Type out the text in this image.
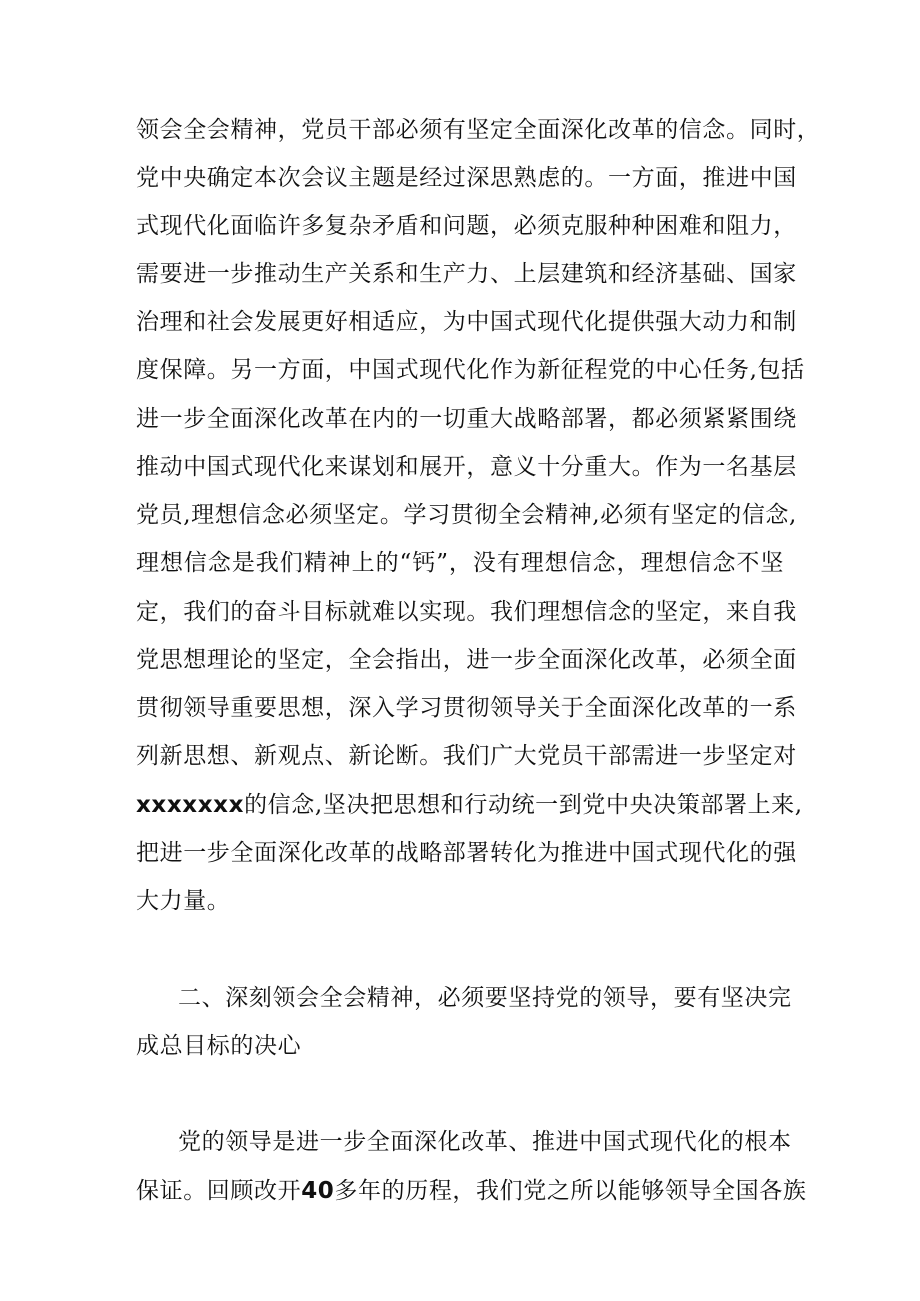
领会全会精神，党员干部必须有坚定全面深化改革的信念。同时，
党中央确定本次会议主题是经过深思熟虑的。一方面，推进中国
式现代化面临许多复杂矛盾和问题，必须克服种种困难和阻力，
需要进一步推动生产关系和生产力、上层建筑和经济基础、国家
治理和社会发展更好相适应，为中国式现代化提供强大动力和制
度保障。另一方面，中国式现代化作为新征程党的中心任务,包括
进一步全面深化改革在内的一切重大战略部署，都必须紧紧围绕
推动中国式现代化来谋划和展开，意义十分重大。作为一名基层
党员,理想信念必须坚定。学习贯彻全会精神,必须有坚定的信念,
理想信念是我们精神上的“钙”，没有理想信念，理想信念不坚
定，我们的奋斗目标就难以实现。我们理想信念的坚定，来自我
党思想理论的坚定，全会指出，进一步全面深化改革，必须全面
贯彻领导重要思想，深入学习贯彻领导关于全面深化改革的一系
列新思想、新观点、新论断。我们广大党员干部需进一步坚定对
xxxxxxx的信念,坚决把思想和行动统一到党中央决策部署上来,
把进一步全面深化改革的战略部署转化为推进中国式现代化的强
大力量。
二、深刻领会全会精神，必须要坚持党的领导，要有坚决完
成总目标的决心
党的领导是进一步全面深化改革、推进中国式现代化的根本
保证。回顾改开40多年的历程，我们党之所以能够领导全国各族
